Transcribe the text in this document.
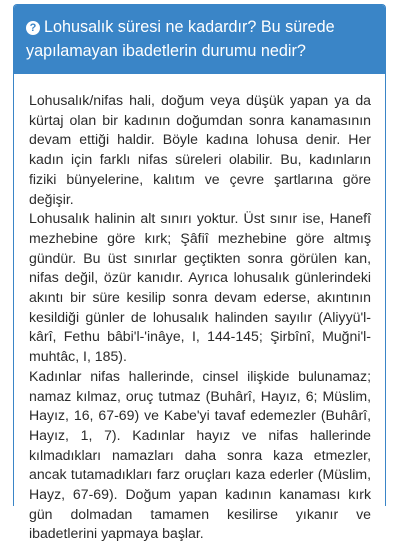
? Lohusalık süresi ne kadardır? Bu sürede yapılamayan ibadetlerin durumu nedir?

Lohusalık/nifas hali, doğum veya düşük yapan ya da kürtaj olan bir kadının doğumdan sonra kanamasının devam ettiği haldir. Böyle kadına lohusa denir. Her kadın için farklı nifas süreleri olabilir. Bu, kadınların fiziki bünyelerine, kalıtım ve çevre şartlarına göre değişir.

Lohusalık halinin alt sınırı yoktur. Üst sınır ise, Hanefî mezhebine göre kırk; Şâfiî mezhebine göre altmış gündür. Bu üst sınırlar geçtikten sonra görülen kan, nifas değil, özür kanıdır. Ayrıca lohusalık günlerindeki akıntı bir süre kesilip sonra devam ederse, akıntının kesildiği günler de lohusalık halinden sayılır (Aliyyü'l-kârî, Fethu bâbi'l-'inâye, I, 144-145; Şirbînî, Muğni'l-muhtâc, I, 185).

Kadınlar nifas hallerinde, cinsel ilişkide bulunamaz; namaz kılmaz, oruç tutmaz (Buhârî, Hayız, 6; Müslim, Hayız, 16, 67-69) ve Kabe'yi tavaf edemezler (Buhârî, Hayız, 1, 7). Kadınlar hayız ve nifas hallerinde kılmadıkları namazları daha sonra kaza etmezler, ancak tutamadıkları farz oruçları kaza ederler (Müslim, Hayz, 67-69). Doğum yapan kadının kanaması kırk gün dolmadan tamamen kesilirse yıkanır ve ibadetlerini yapmaya başlar.
